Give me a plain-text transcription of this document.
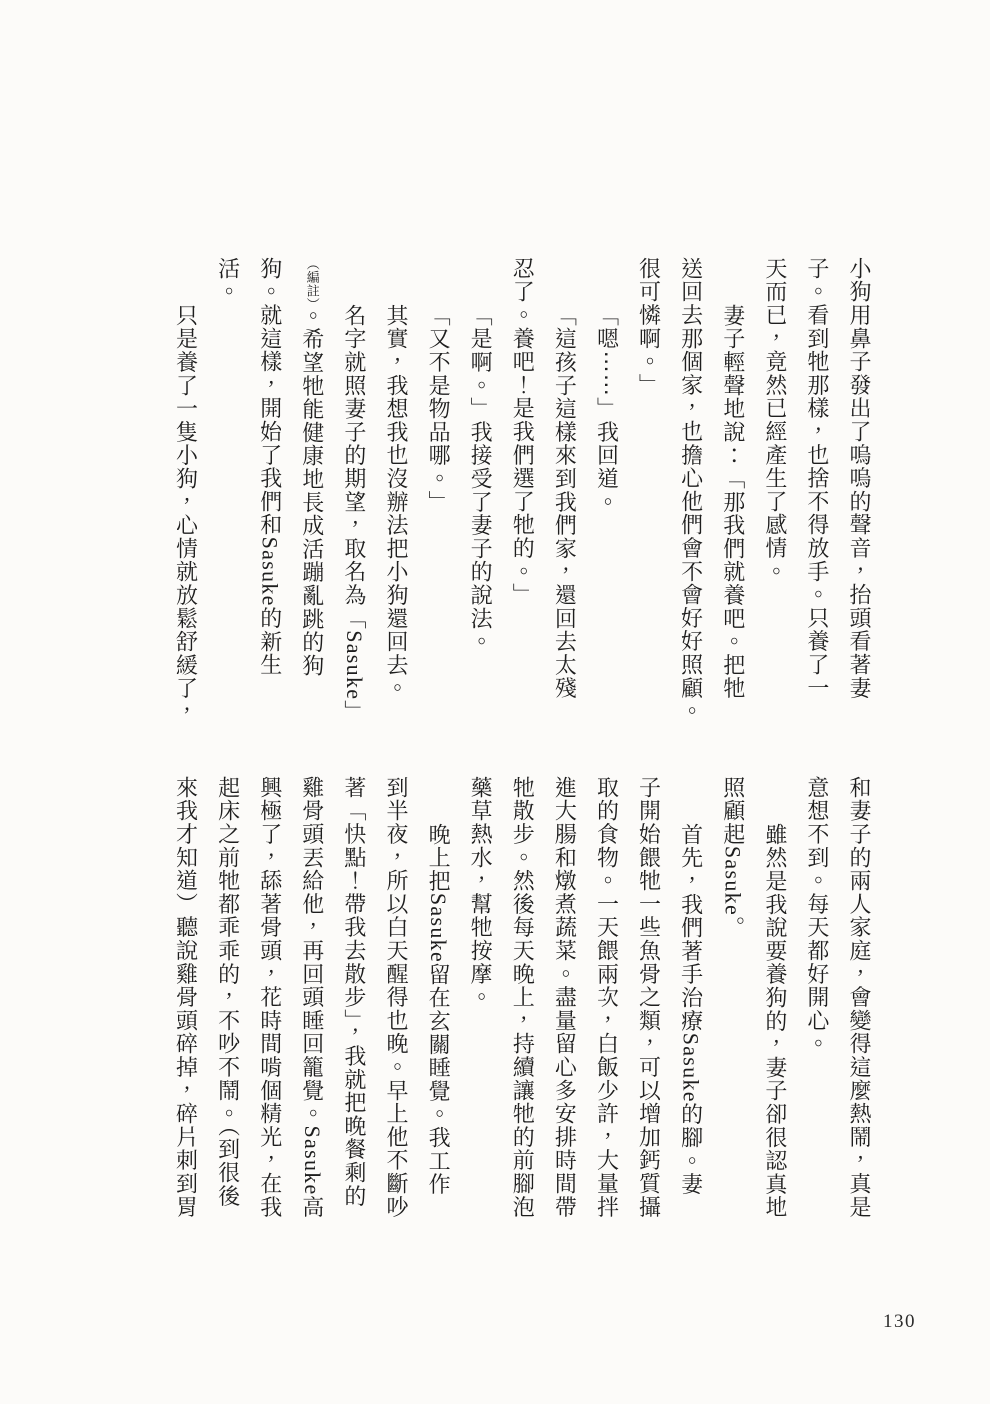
小狗用鼻子發出了嗚嗚的聲音，抬頭看著妻
子。看到牠那樣，也捨不得放手。只養了一
天而已，竟然已經產生了感情。
妻子輕聲地說：「那我們就養吧。把牠
送回去那個家，也擔心他們會不會好好照顧。
很可憐啊。」
「嗯⋯⋯」我回道。
「這孩子這樣來到我們家，還回去太殘
忍了。養吧！是我們選了牠的。」
「是啊。」我接受了妻子的說法。
「又不是物品哪。」
其實，我想我也沒辦法把小狗還回去。
名字就照妻子的期望，取名為「Sasuke」
（編註）。希望牠能健康地長成活蹦亂跳的狗
狗。就這樣，開始了我們和Sasuke的新生
活。
只是養了一隻小狗，心情就放鬆舒緩了，
和妻子的兩人家庭，會變得這麼熱鬧，真是
意想不到。每天都好開心。
雖然是我說要養狗的，妻子卻很認真地
照顧起Sasuke。
首先，我們著手治療Sasuke的腳。妻
子開始餵牠一些魚骨之類，可以增加鈣質攝
取的食物。一天餵兩次，白飯少許，大量拌
進大腸和燉煮蔬菜。盡量留心多安排時間帶
牠散步。然後每天晚上，持續讓牠的前腳泡
藥草熱水，幫牠按摩。
晚上把Sasuke留在玄關睡覺。我工作
到半夜，所以白天醒得也晚。早上他不斷吵
著「快點！帶我去散步」，我就把晚餐剩的
雞骨頭丟給他，再回頭睡回籠覺。Sasuke高
興極了，舔著骨頭，花時間啃個精光，在我
起床之前牠都乖乖的，不吵不鬧。（到很後
來我才知道）聽說雞骨頭碎掉，碎片刺到胃
130
